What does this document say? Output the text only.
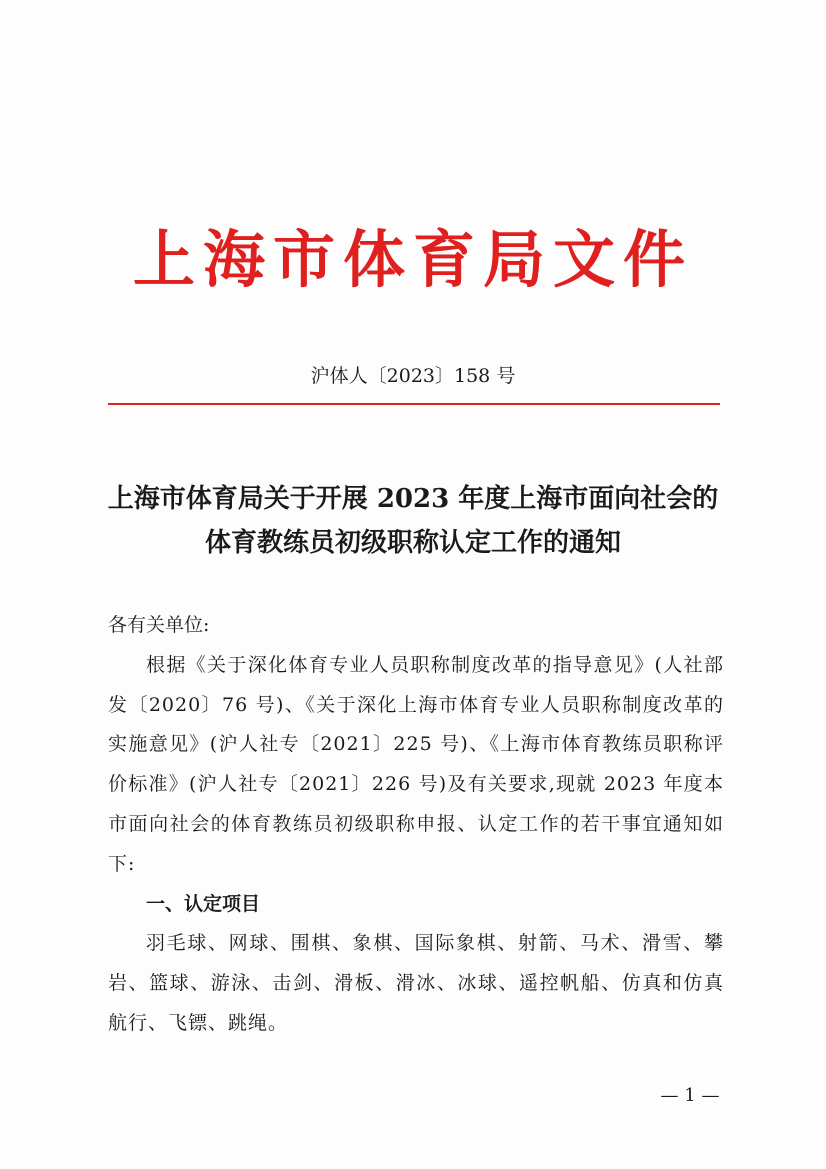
上海市体育局文件
沪体人〔2023〕158 号
上海市体育局关于开展 2023 年度上海市面向社会的
体育教练员初级职称认定工作的通知

各有关单位:

根据《关于深化体育专业人员职称制度改革的指导意见》(人社部发〔2020〕76 号)、《关于深化上海市体育专业人员职称制度改革的实施意见》(沪人社专〔2021〕225 号)、《上海市体育教练员职称评价标准》(沪人社专〔2021〕226 号)及有关要求,现就 2023 年度本市面向社会的体育教练员初级职称申报、认定工作的若干事宜通知如下:

一、认定项目

羽毛球、网球、围棋、象棋、国际象棋、射箭、马术、滑雪、攀岩、篮球、游泳、击剑、滑板、滑冰、冰球、遥控帆船、仿真和仿真航行、飞镖、跳绳。

— 1 —
